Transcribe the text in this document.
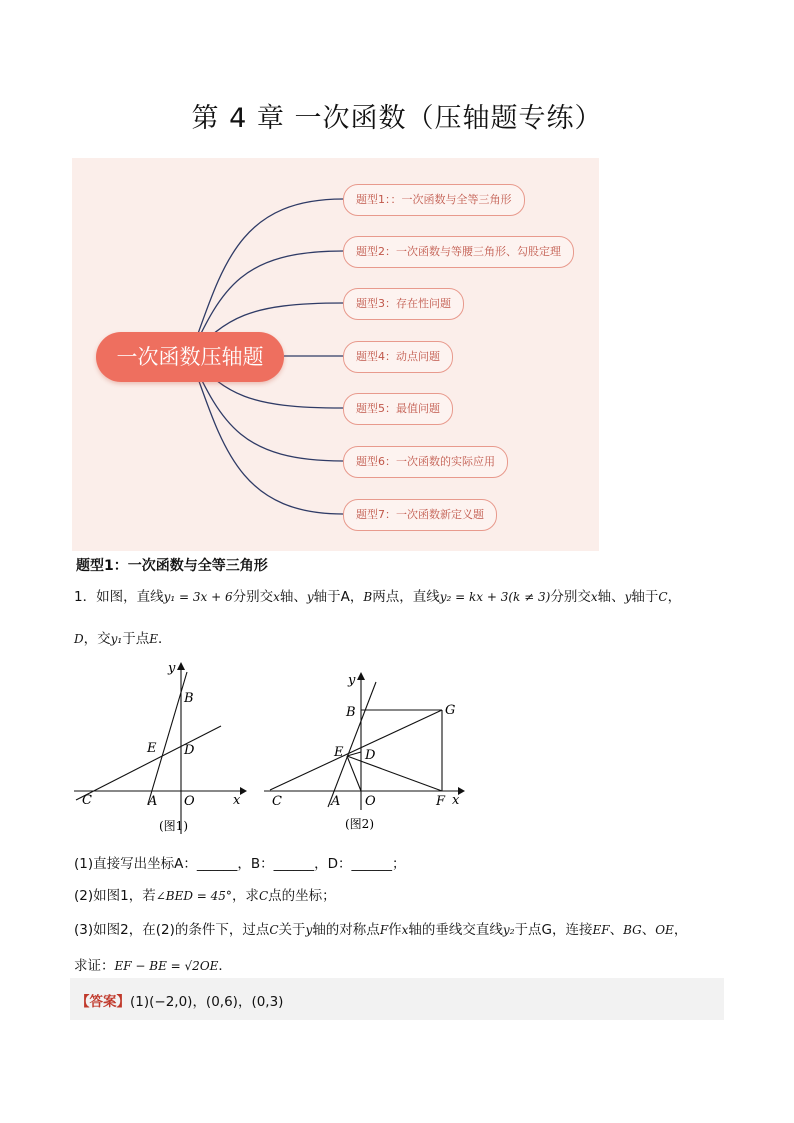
第 4 章 一次函数（压轴题专练）
一次函数压轴题
题型1：：一次函数与全等三角形
题型2：一次函数与等腰三角形、勾股定理
题型3：存在性问题
题型4：动点问题
题型5：最值问题
题型6：一次函数的实际应用
题型7：一次函数新定义题
题型1：一次函数与全等三角形
1．如图，直线y₁ = 3x + 6分别交x轴、y轴于A，B两点，直线y₂ = kx + 3(k ≠ 3)分别交x轴、y轴于C，
D，交y₁于点E．
y
x
B
E D
C	A O
(图1)
y
x
B	G
E D
C	A O	F
(图2)
(1)直接写出坐标A：______，B：______，D：______；
(2)如图1，若∠BED = 45°，求C点的坐标；
(3)如图2，在(2)的条件下，过点C关于y轴的对称点F作x轴的垂线交直线y₂于点G，连接EF、BG、OE，
求证：EF − BE = √2OE．
【答案】(1)(−2,0)，(0,6)，(0,3)
